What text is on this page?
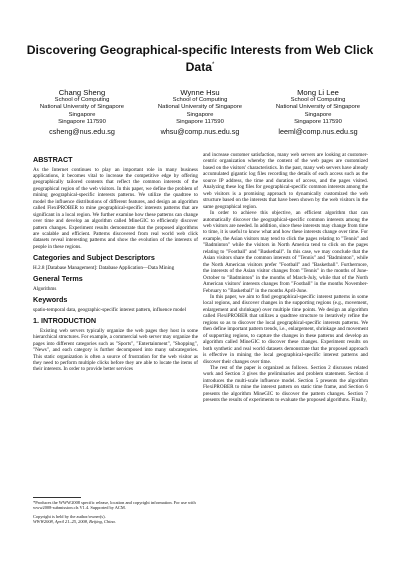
Discovering Geographical-specific Interests from Web Click Data*
Chang Sheng
School of Computing
National University of Singapore
Singapore
Singapore 117590
csheng@nus.edu.sg
Wynne Hsu
School of Computing
National University of Singapore
Singapore
Singapore 117590
whsu@comp.nus.edu.sg
Mong Li Lee
School of Computing
National University of Singapore
Singapore
Singapore 117590
leeml@comp.nus.edu.sg
ABSTRACT

As the Internet continues to play an important role in many business applications, it becomes vital to increase the competitive edge by offering geographically tailored contents that reflect the common interests of the geographical region of the web visitors. In this paper, we define the problem of mining geographical-specific interests patterns. We utilize the quadtree to model the influence distributions of different features, and design an algorithm called FlexiPROBER to mine geographical-specific interests patterns that are significant in a local region. We further examine how these patterns can change over time and develop an algorithm called MineGIC to efficiently discover pattern changes. Experiment results demonstrate that the proposed algorithms are scalable and efficient. Patterns discovered from real world web click datasets reveal interesting patterns and show the evolution of the interests of people in these regions.

Categories and Subject Descriptors

H.2.8 [Database Management]: Database Application—Data Mining

General Terms

Algorithms

Keywords

spatio-temporal data, geographic-specific interest pattern, influence model

1. INTRODUCTION

Existing web servers typically organize the web pages they host in some hierarchical structures. For example, a commercial web server may organize the pages into different categories such as "Sports", "Entertainment", "Shopping", "News", and each category is further decomposed into many subcategories. This static organization is often a source of frustration for the web visitor as they need to perform multiple clicks before they are able to locate the items of their interests. In order to provide better services

*Produces the WWW2008 specific release, location and copyright information. For use with www2008-submission.cls V1.4. Supported by ACM.
Copyright is held by the author/owner(s).
WWW2008, April 21–25, 2008, Beijing, China.

and increase customer satisfaction, many web servers are looking at customer-centric organization whereby the content of the web pages are customized based on the visitors' characteristics. In the past, many web servers have already accumulated gigantic log files recording the details of each access such as the source IP address, the time and duration of access, and the pages visited. Analyzing these log files for geographical-specific common interests among the web visitors is a promising approach to dynamically customized the web structure based on the interests that have been shown by the web visitors in the same geographical region.

In order to achieve this objective, an efficient algorithm that can automatically discover the geographical-specific common interests among the web visitors are needed. In addition, since these interests may change from time to time, it is useful to know what and how these interests change over time. For example, the Asian visitors may tend to click the pages relating to "Tennis" and "Badminton" while the visitors in North America tend to click on the pages relating to "Football" and "Basketball". In this case, we may conclude that the Asian visitors share the common interests of "Tennis" and "Badminton", while the North American visitors prefer "Football" and "Basketball". Furthermore, the interests of the Asian visitor changes from "Tennis" in the months of June-October to "Badminton" in the months of March-July, while that of the North American visitors' interests changes from "Football" in the months November-February to "Basketball" in the months April-June.

In this paper, we aim to find geographical-specific interest patterns in some local regions, and discover changes in the supporting regions (e.g., movement, enlargement and shrinkage) over multiple time points. We design an algorithm called FlexiPROBER that utilizes a quadtree structure to iteratively refine the regions so as to discover the local geographical-specific interests patterns. We then define important pattern trends, i.e., enlargement, shrinkage and movement of supporting regions, to capture the changes in these patterns and develop an algorithm called MineGIC to discover these changes. Experiment results on both synthetic and real world datasets demonstrate that the proposed approach is effective in mining the local geographical-specific interest patterns and discover their changes over time.

The rest of the paper is organized as follows. Section 2 discusses related work and Section 3 gives the preliminaries and problem statement. Section 4 introduces the multi-scale influence model. Section 5 presents the algorithm FlexiPROBER to mine the interest pattern on static time frame, and Section 6 presents the algorithm MineGIC to discover the pattern changes. Section 7 presents the results of experiments to evaluate the proposed algorithms. Finally,
